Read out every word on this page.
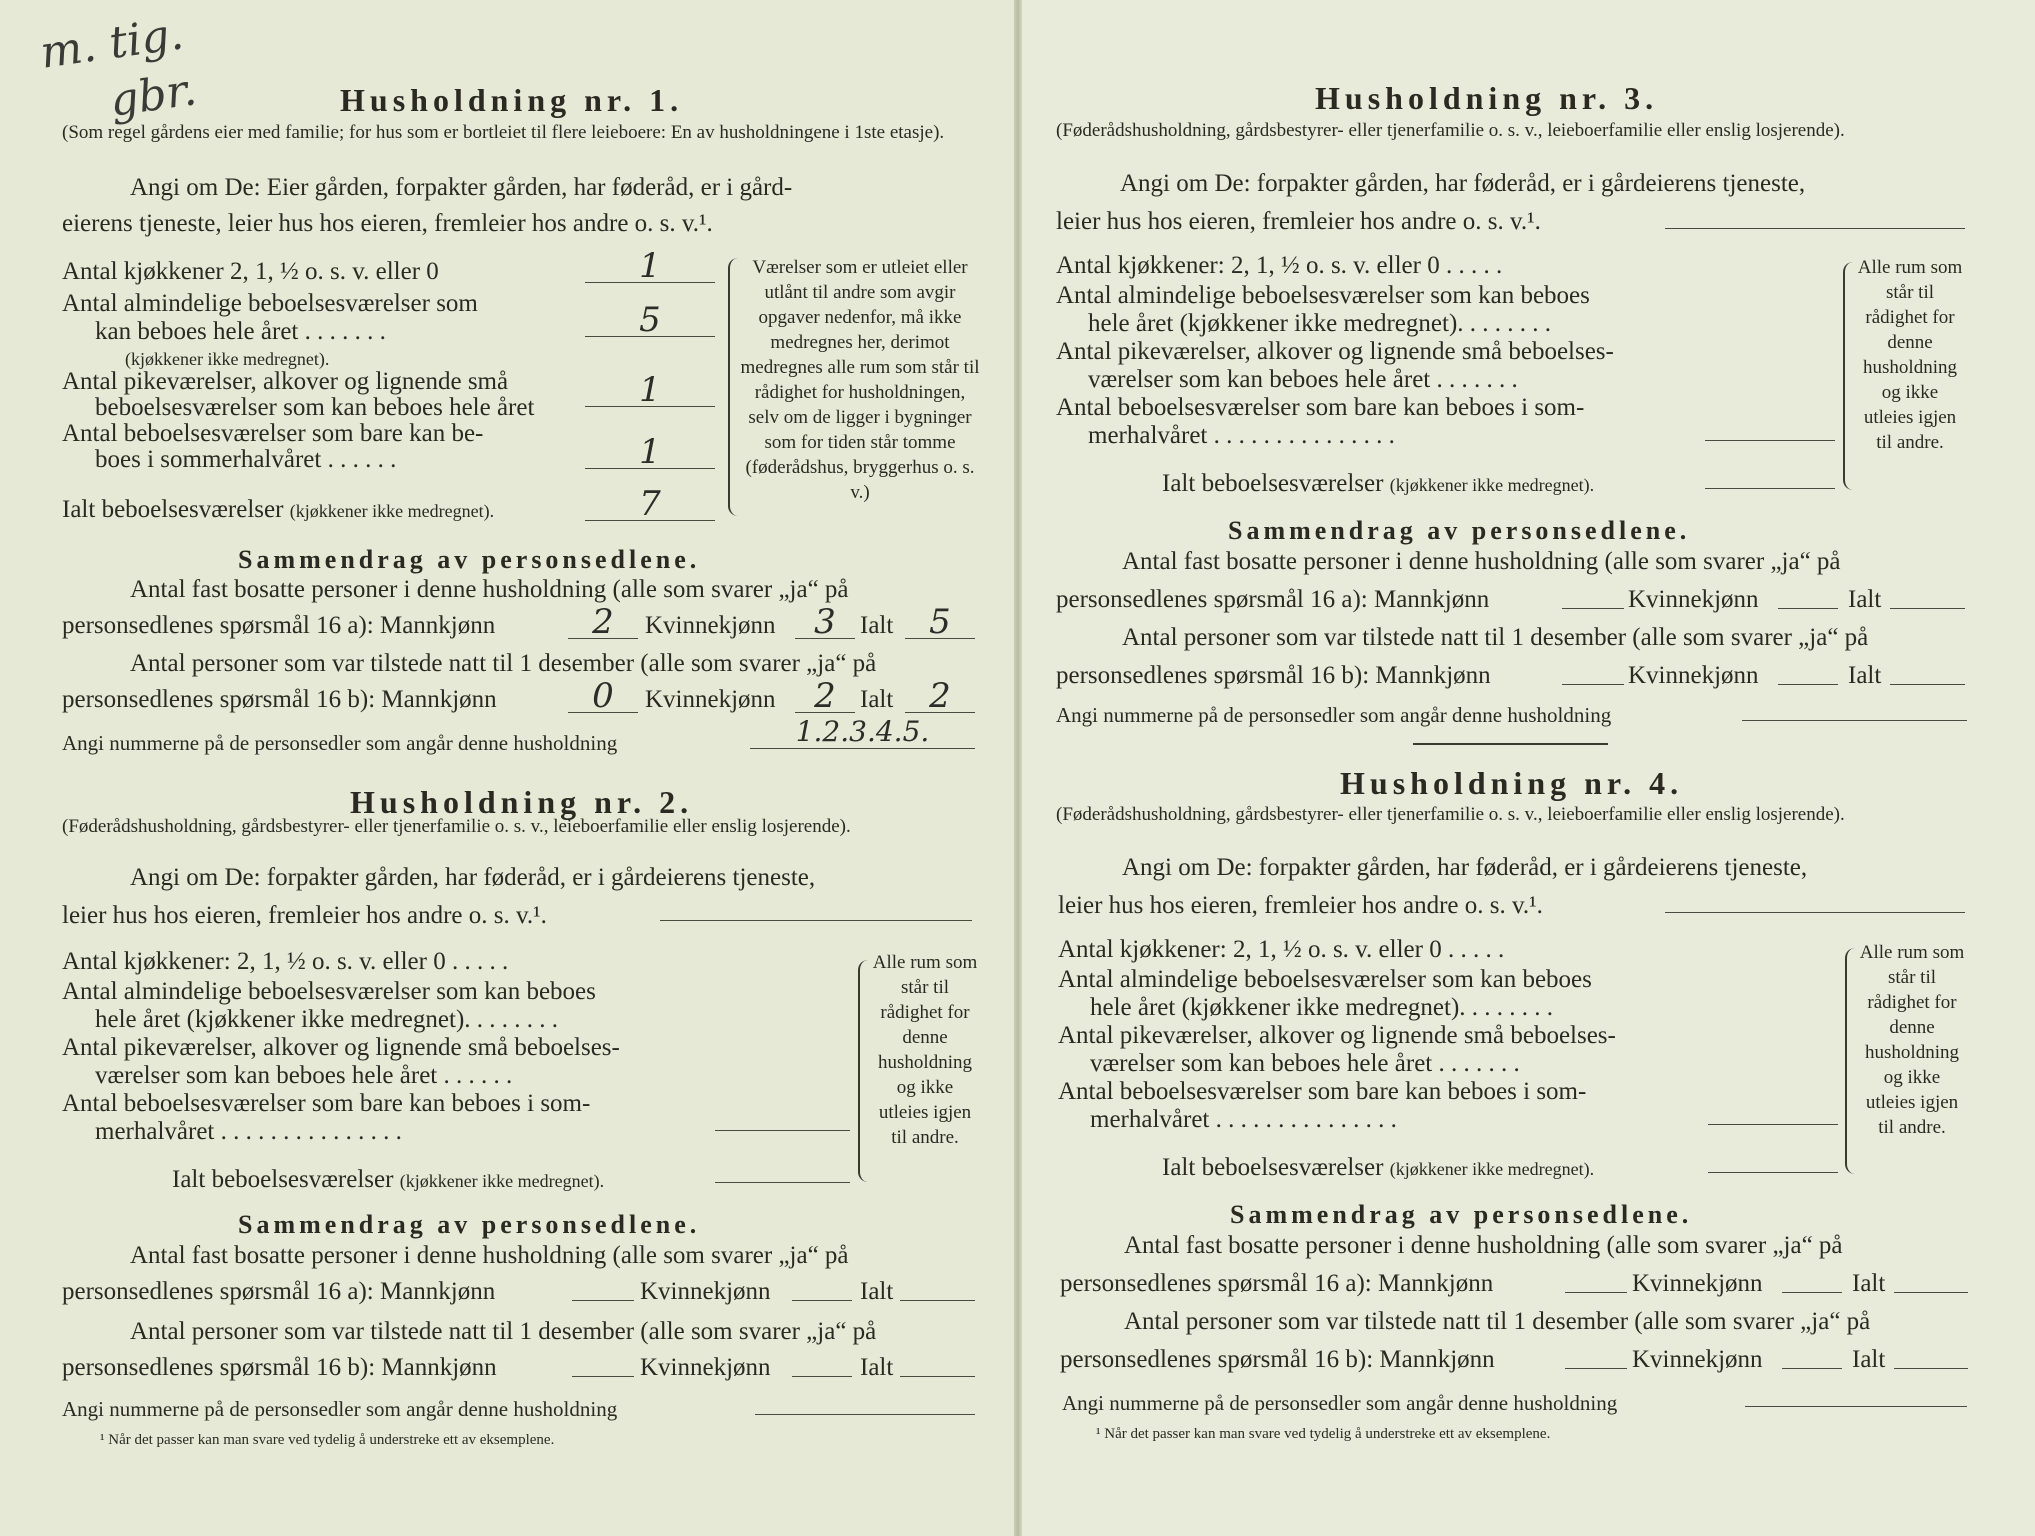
m. tig.
gbr.	Husholdning nr. 1.
(Som regel gårdens eier med familie; for hus som er bortleiet til flere leieboere: En av husholdningene i 1ste etasje).
Angi om De: Eier gården, forpakter gården, har føderåd, er i gård-
eierens tjeneste, leier hus hos eieren, fremleier hos andre o. s. v.¹.
Antal kjøkkener 2, 1, ½ o. s. v. eller 0	1
Antal almindelige beboelsesværelser som
kan beboes hele året . . . . . . .	5
(kjøkkener ikke medregnet).
Antal pikeværelser, alkover og lignende små
beboelsesværelser som kan beboes hele året	1
Antal beboelsesværelser som bare kan be-
boes i sommerhalvåret . . . . . .	1
Ialt beboelsesværelser (kjøkkener ikke medregnet).	7
Værelser som er utleiet eller utlånt til andre som avgir opgaver nedenfor, må ikke medregnes her, derimot medregnes alle rum som står til rådighet for husholdningen, selv om de ligger i bygninger som for tiden står tomme (føderådshus, bryggerhus o. s. v.)
Sammendrag av personsedlene.
Antal fast bosatte personer i denne husholdning (alle som svarer „ja“ på
personsedlenes spørsmål 16 a): Mannkjønn	2	Kvinnekjønn	3 Ialt	5
Antal personer som var tilstede natt til 1 desember (alle som svarer „ja“ på
personsedlenes spørsmål 16 b): Mannkjønn	0	Kvinnekjønn	2 Ialt	2
Angi nummerne på de personsedler som angår denne husholdning	1.2.3.4.5.
Husholdning nr. 2.
(Føderådshusholdning, gårdsbestyrer- eller tjenerfamilie o. s. v., leieboerfamilie eller enslig losjerende).
Angi om De: forpakter gården, har føderåd, er i gårdeierens tjeneste,
leier hus hos eieren, fremleier hos andre o. s. v.¹.
Antal kjøkkener: 2, 1, ½ o. s. v. eller 0 . . . . .
Antal almindelige beboelsesværelser som kan beboes
hele året (kjøkkener ikke medregnet). . . . . . . .
Antal pikeværelser, alkover og lignende små beboelses-
værelser som kan beboes hele året . . . . . .
Antal beboelsesværelser som bare kan beboes i som-
merhalvåret . . . . . . . . . . . . . . .
Ialt beboelsesværelser (kjøkkener ikke medregnet).
Alle rum som står til rådighet for denne husholdning og ikke utleies igjen til andre.
Sammendrag av personsedlene.
Antal fast bosatte personer i denne husholdning (alle som svarer „ja“ på
personsedlenes spørsmål 16 a): Mannkjønn	Kvinnekjønn	Ialt
Antal personer som var tilstede natt til 1 desember (alle som svarer „ja“ på
personsedlenes spørsmål 16 b): Mannkjønn	Kvinnekjønn	Ialt
Angi nummerne på de personsedler som angår denne husholdning
¹ Når det passer kan man svare ved tydelig å understreke ett av eksemplene.
Husholdning nr. 3.
(Føderådshusholdning, gårdsbestyrer- eller tjenerfamilie o. s. v., leieboerfamilie eller enslig losjerende).
Angi om De: forpakter gården, har føderåd, er i gårdeierens tjeneste,
leier hus hos eieren, fremleier hos andre o. s. v.¹.
Antal kjøkkener: 2, 1, ½ o. s. v. eller 0 . . . . .
Antal almindelige beboelsesværelser som kan beboes
hele året (kjøkkener ikke medregnet). . . . . . . .
Antal pikeværelser, alkover og lignende små beboelses-
værelser som kan beboes hele året . . . . . . .
Antal beboelsesværelser som bare kan beboes i som-
merhalvåret . . . . . . . . . . . . . . .
Ialt beboelsesværelser (kjøkkener ikke medregnet).
Alle rum som står til rådighet for denne husholdning og ikke utleies igjen til andre.
Sammendrag av personsedlene.
Antal fast bosatte personer i denne husholdning (alle som svarer „ja“ på
personsedlenes spørsmål 16 a): Mannkjønn	Kvinnekjønn	Ialt
Antal personer som var tilstede natt til 1 desember (alle som svarer „ja“ på
personsedlenes spørsmål 16 b): Mannkjønn	Kvinnekjønn	Ialt
Angi nummerne på de personsedler som angår denne husholdning
Husholdning nr. 4.
(Føderådshusholdning, gårdsbestyrer- eller tjenerfamilie o. s. v., leieboerfamilie eller enslig losjerende).
Angi om De: forpakter gården, har føderåd, er i gårdeierens tjeneste,
leier hus hos eieren, fremleier hos andre o. s. v.¹.
Antal kjøkkener: 2, 1, ½ o. s. v. eller 0 . . . . .
Antal almindelige beboelsesværelser som kan beboes
hele året (kjøkkener ikke medregnet). . . . . . . .
Antal pikeværelser, alkover og lignende små beboelses-
værelser som kan beboes hele året . . . . . . .
Antal beboelsesværelser som bare kan beboes i som-
merhalvåret . . . . . . . . . . . . . . .
Ialt beboelsesværelser (kjøkkener ikke medregnet).
Alle rum som står til rådighet for denne husholdning og ikke utleies igjen til andre.
Sammendrag av personsedlene.
Antal fast bosatte personer i denne husholdning (alle som svarer „ja“ på
personsedlenes spørsmål 16 a): Mannkjønn	Kvinnekjønn	Ialt
Antal personer som var tilstede natt til 1 desember (alle som svarer „ja“ på
personsedlenes spørsmål 16 b): Mannkjønn	Kvinnekjønn	Ialt
Angi nummerne på de personsedler som angår denne husholdning
¹ Når det passer kan man svare ved tydelig å understreke ett av eksemplene.
